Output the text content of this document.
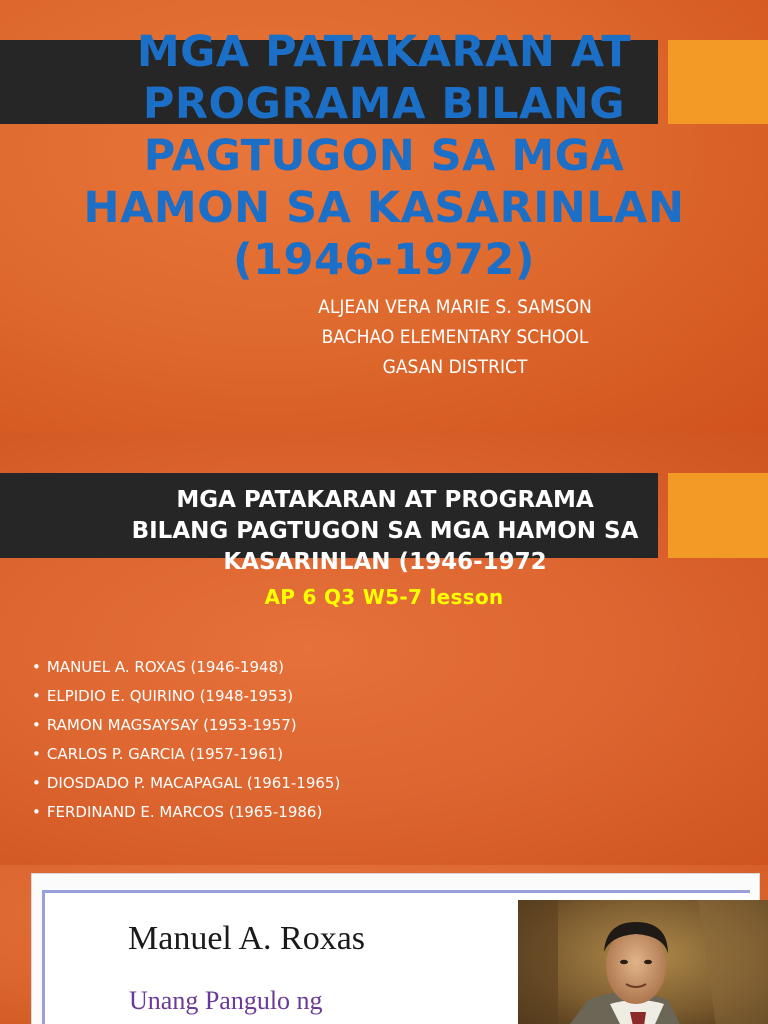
MGA PATAKARAN AT
PROGRAMA BILANG
PAGTUGON SA MGA
HAMON SA KASARINLAN
(1946-1972)
ALJEAN VERA MARIE S. SAMSON
BACHAO ELEMENTARY SCHOOL
GASAN DISTRICT
MGA PATAKARAN AT PROGRAMA
BILANG PAGTUGON SA MGA HAMON SA
KASARINLAN (1946-1972
AP 6 Q3 W5-7 lesson
• MANUEL A. ROXAS (1946-1948)
• ELPIDIO E. QUIRINO (1948-1953)
• RAMON MAGSAYSAY (1953-1957)
• CARLOS P. GARCIA (1957-1961)
• DIOSDADO P. MACAPAGAL (1961-1965)
• FERDINAND E. MARCOS (1965-1986)
Manuel A. Roxas
Unang Pangulo ng
